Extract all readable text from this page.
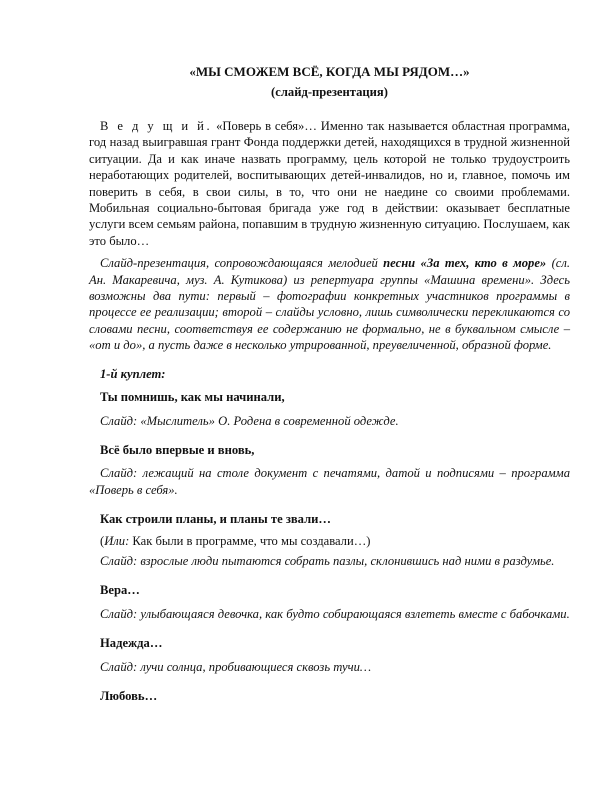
«МЫ СМОЖЕМ ВСЁ, КОГДА МЫ РЯДОМ…»

(слайд-презентация)

В е д у щ и й. «Поверь в себя»… Именно так называется областная программа, год назад выигравшая грант Фонда поддержки детей, находящихся в трудной жизненной ситуации. Да и как иначе назвать программу, цель которой не только трудоустроить неработающих родителей, воспитывающих детей-инвалидов, но и, главное, помочь им поверить в себя, в свои силы, в то, что они не наедине со своими проблемами. Мобильная социально-бытовая бригада уже год в действии: оказывает бесплатные услуги всем семьям района, попавшим в трудную жизненную ситуацию. Послушаем, как это было…

Слайд-презентация, сопровождающаяся мелодией песни «За тех, кто в море» (сл. Ан. Макаревича, муз. А. Кутикова) из репертуара группы «Машина времени». Здесь возможны два пути: первый – фотографии конкретных участников программы в процессе ее реализации; второй – слайды условно, лишь символически перекликаются со словами песни, соответствуя ее содержанию не формально, не в буквальном смысле – «от и до», а пусть даже в несколько утрированной, преувеличенной, образной форме.

1-й куплет:

Ты помнишь, как мы начинали,

Слайд: «Мыслитель» О. Родена в современной одежде.

Всё было впервые и вновь,

Слайд: лежащий на столе документ с печатями, датой и подписями – программа «Поверь в себя».

Как строили планы, и планы те звали…

(Или: Как были в программе, что мы создавали…)

Слайд: взрослые люди пытаются собрать пазлы, склонившись над ними в раздумье.

Вера…

Слайд: улыбающаяся девочка, как будто собирающаяся взлететь вместе с бабочками.

Надежда…

Слайд: лучи солнца, пробивающиеся сквозь тучи…

Любовь…
